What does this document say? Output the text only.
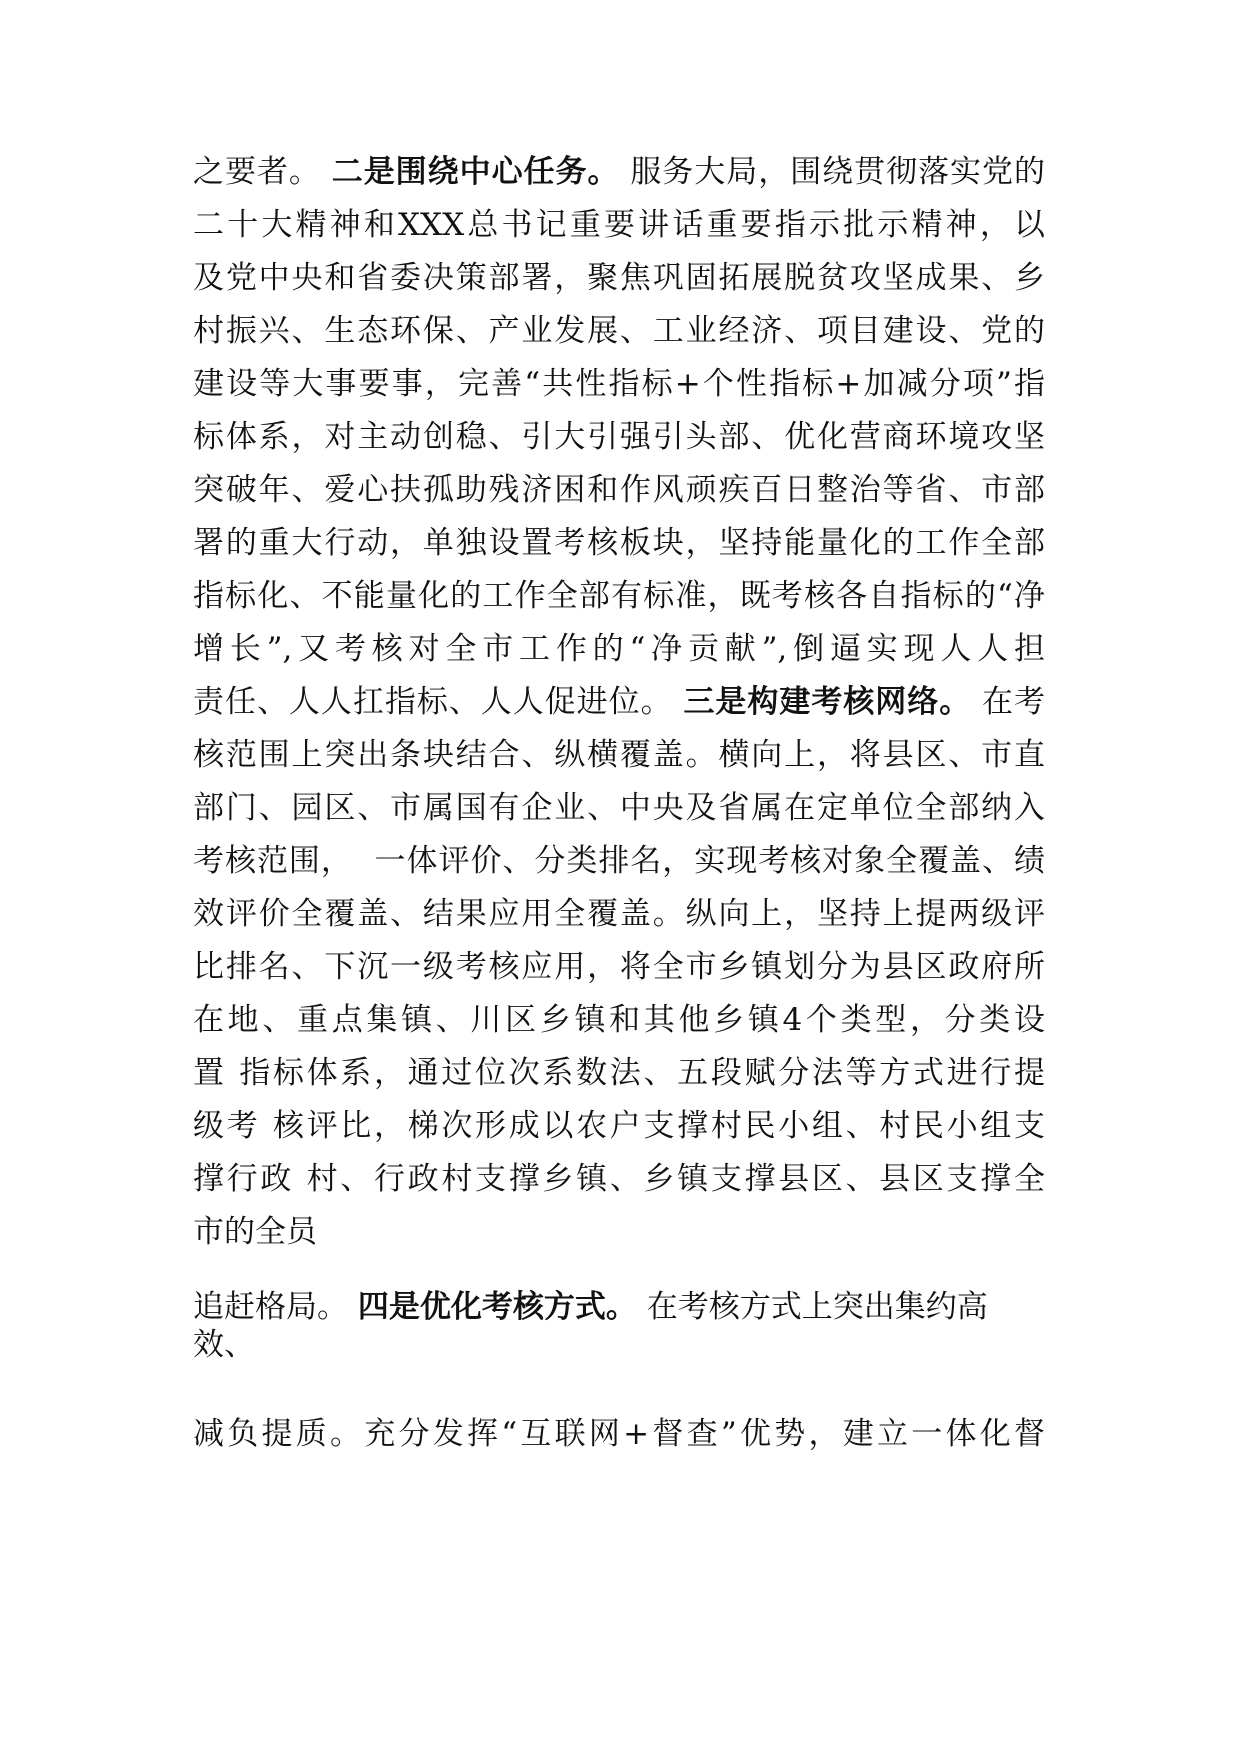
之要者。 二是围绕中心任务。 服务大局，围绕贯彻落实党的
二十大精神和XXX总书记重要讲话重要指示批示精神，以
及党中央和省委决策部署，聚焦巩固拓展脱贫攻坚成果、乡
村振兴、生态环保、产业发展、工业经济、项目建设、党的
建设等大事要事，完善“共性指标+个性指标+加减分项”指
标体系，对主动创稳、引大引强引头部、优化营商环境攻坚
突破年、爱心扶孤助残济困和作风顽疾百日整治等省、市部
署的重大行动，单独设置考核板块，坚持能量化的工作全部
指标化、不能量化的工作全部有标准，既考核各自指标的“净
增长”,又考核对全市工作的“净贡献”,倒逼实现人人担
责任、人人扛指标、人人促进位。 三是构建考核网络。 在考
核范围上突出条块结合、纵横覆盖。横向上，将县区、市直
部门、园区、市属国有企业、中央及省属在定单位全部纳入
考核范围，  一体评价、分类排名，实现考核对象全覆盖、绩
效评价全覆盖、结果应用全覆盖。纵向上，坚持上提两级评
比排名、下沉一级考核应用，将全市乡镇划分为县区政府所
在地、重点集镇、川区乡镇和其他乡镇4个类型，分类设
置 指标体系，通过位次系数法、五段赋分法等方式进行提
级考 核评比，梯次形成以农户支撑村民小组、村民小组支
撑行政 村、行政村支撑乡镇、乡镇支撑县区、县区支撑全
市的全员
追赶格局。 四是优化考核方式。 在考核方式上突出集约高
效、
减负提质。充分发挥“互联网+督查”优势，建立一体化督
